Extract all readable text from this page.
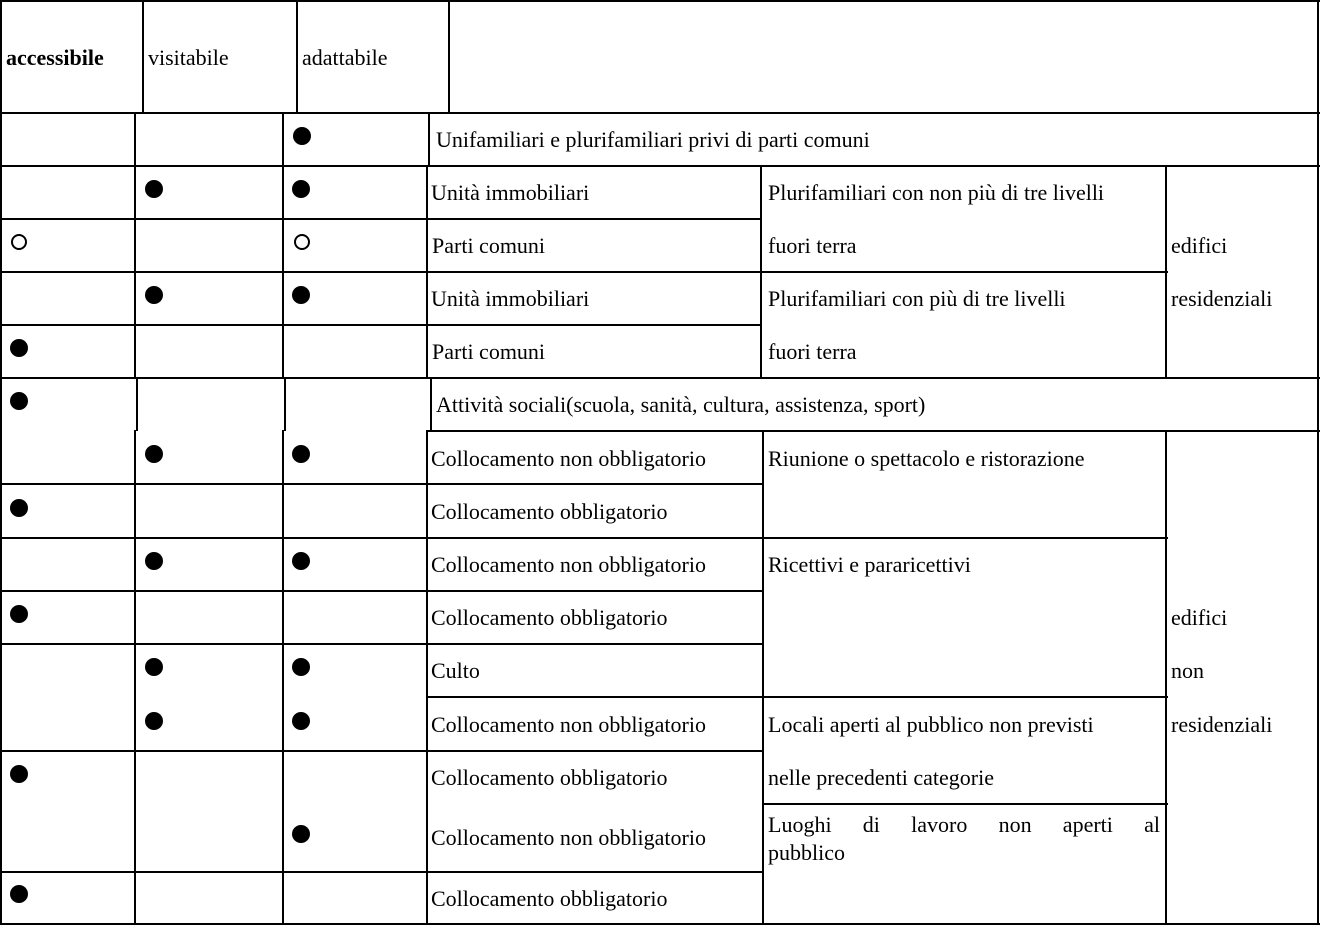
accessibile visitabile	adattabile
Unifamiliari e plurifamiliari privi di parti comuni
Unità immobiliari
Parti comuni
Unità immobiliari
Parti comuni
Attività sociali(scuola, sanità, cultura, assistenza, sport)
Collocamento non obbligatorio
Collocamento obbligatorio
Collocamento non obbligatorio
Collocamento obbligatorio
Culto
Collocamento non obbligatorio
Collocamento obbligatorio
Collocamento non obbligatorio
Collocamento obbligatorio
Plurifamiliari con non più di tre livelli
fuori terra
Plurifamiliari con più di tre livelli
fuori terra
Riunione o spettacolo e ristorazione
Ricettivi e pararicettivi
Locali aperti al pubblico non previsti
nelle precedenti categorie
Luoghi di lavoro non aperti al
pubblico
edifici
residenziali
edifici
non
residenziali
